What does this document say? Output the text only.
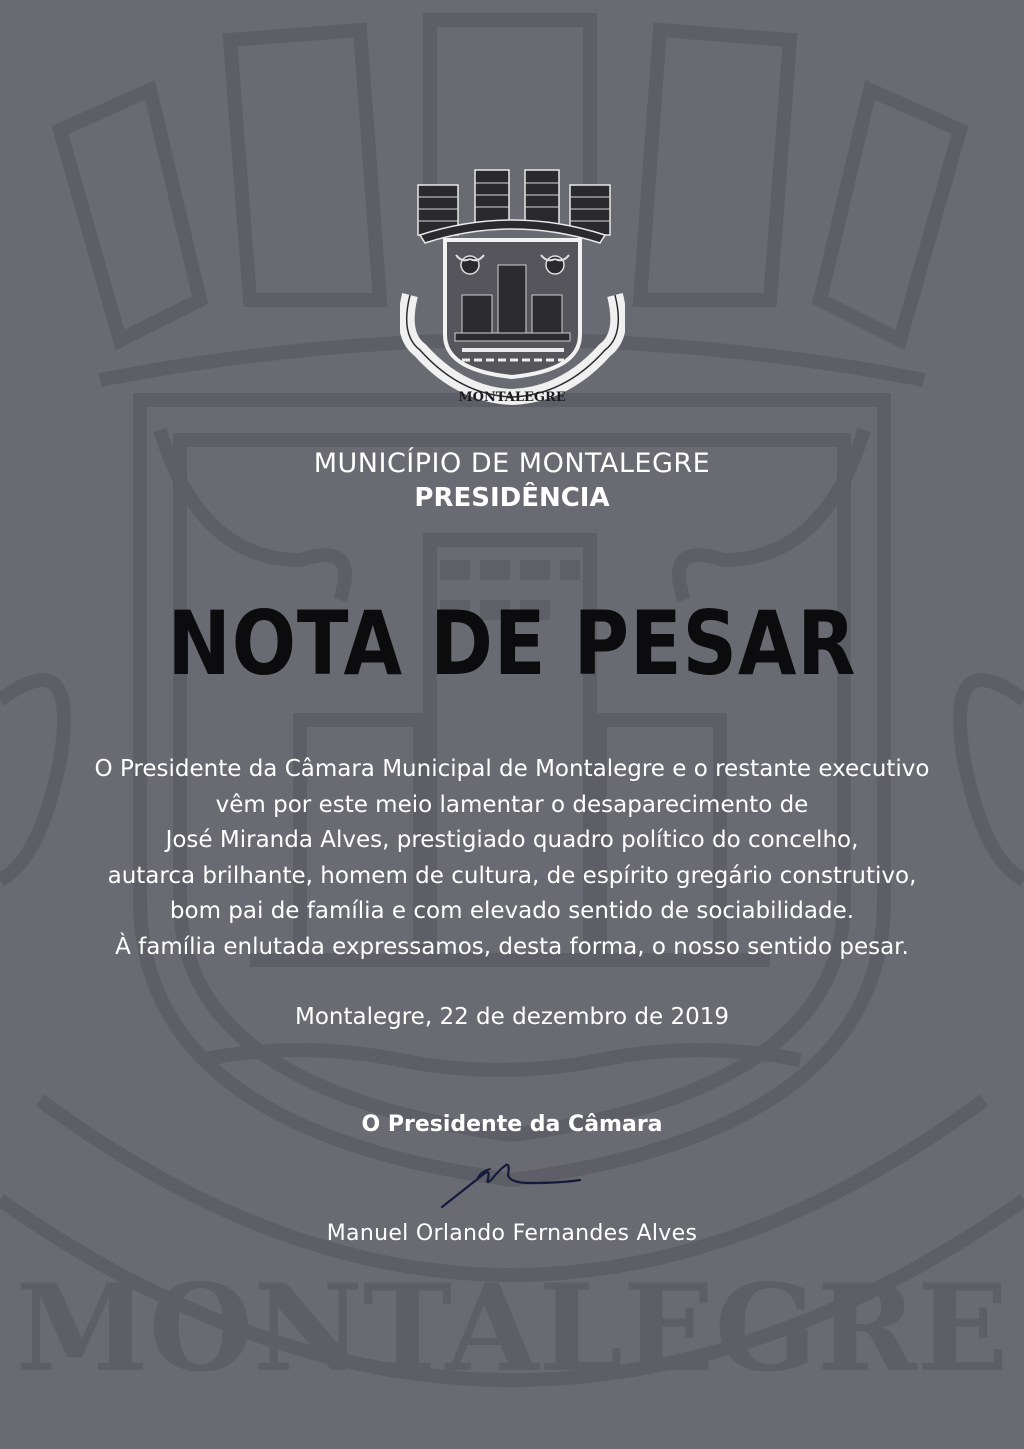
MONTALEGRE
MONTALEGRE
MUNICÍPIO DE MONTALEGRE
PRESIDÊNCIA
NOTA DE PESAR
O Presidente da Câmara Municipal de Montalegre e o restante executivo
vêm por este meio lamentar o desaparecimento de
José Miranda Alves, prestigiado quadro político do concelho,
autarca brilhante, homem de cultura, de espírito gregário construtivo,
bom pai de família e com elevado sentido de sociabilidade.
À família enlutada expressamos, desta forma, o nosso sentido pesar.
Montalegre, 22 de dezembro de 2019
O Presidente da Câmara
Manuel Orlando Fernandes Alves
